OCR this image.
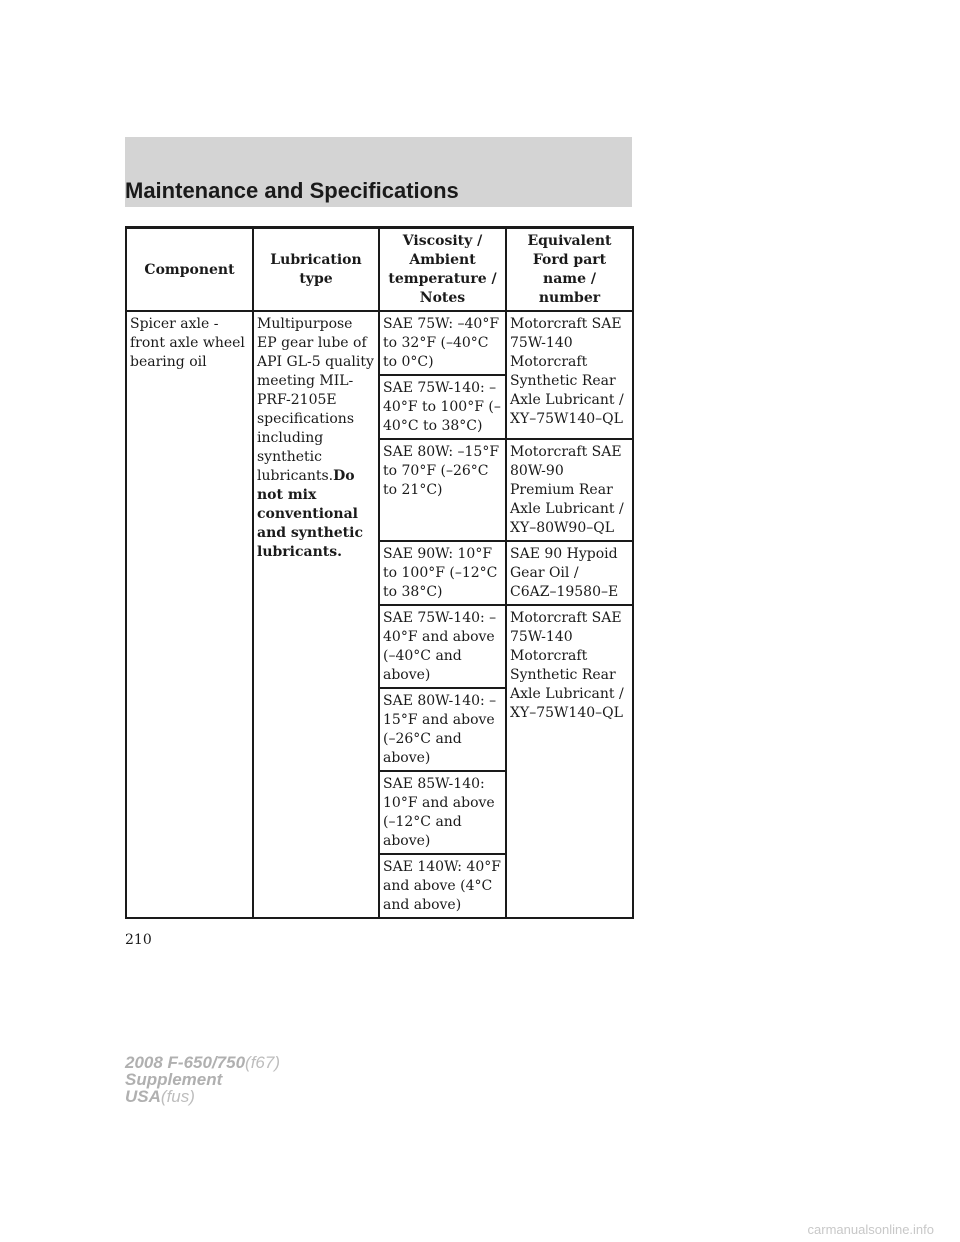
Maintenance and Specifications
Component	Lubrication type	Viscosity / Ambient temperature / Notes	Equivalent Ford part name / number
Spicer axle - front axle wheel bearing oil	Multipurpose EP gear lube of API GL-5 quality meeting MIL-PRF-2105E specifications including synthetic lubricants.Do not mix conventional and synthetic lubricants.	SAE 75W: –40°F to 32°F (–40°C to 0°C)	Motorcraft SAE 75W-140 Motorcraft Synthetic Rear Axle Lubricant / XY–75W140–QL
		SAE 75W-140: –40°F to 100°F (–40°C to 38°C)	
		SAE 80W: –15°F to 70°F (–26°C to 21°C)	Motorcraft SAE 80W-90 Premium Rear Axle Lubricant / XY–80W90–QL
		SAE 90W: 10°F to 100°F (–12°C to 38°C)	SAE 90 Hypoid Gear Oil / C6AZ–19580–E
		SAE 75W-140: –40°F and above (–40°C and above)	Motorcraft SAE 75W-140 Motorcraft Synthetic Rear Axle Lubricant / XY–75W140–QL
		SAE 80W-140: –15°F and above (–26°C and above)	
		SAE 85W-140: 10°F and above (–12°C and above)	
		SAE 140W: 40°F and above (4°C and above)	
210
2008 F-650/750(f67)
Supplement
USA(fus)
carmanualsonline.info
